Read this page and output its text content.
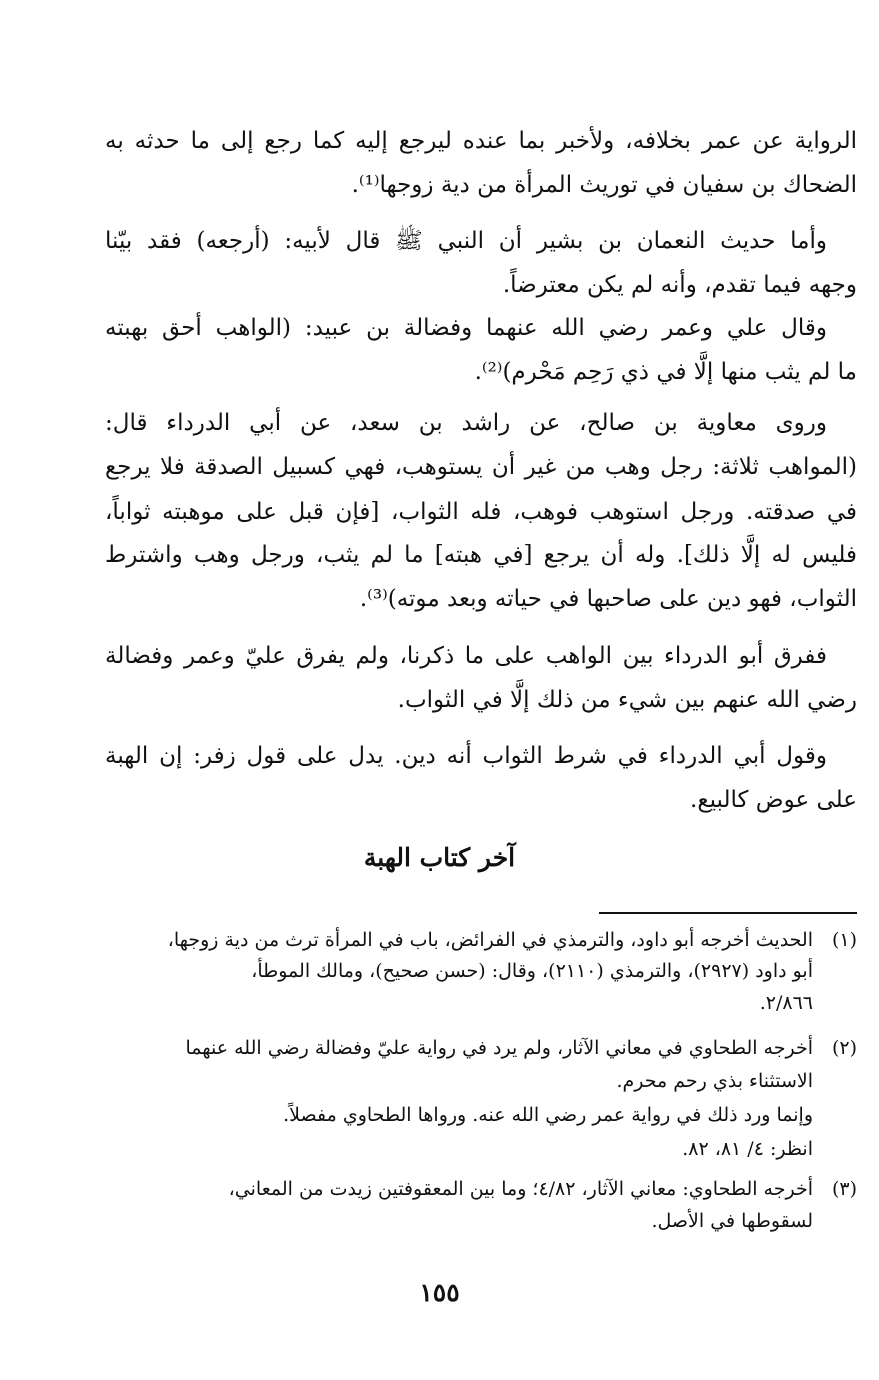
الرواية عن عمر بخلافه، ولأخبر بما عنده ليرجع إليه كما رجع إلى ما حدثه به
الضحاك بن سفيان في توريث المرأة من دية زوجها⁽¹⁾.
وأما حديث النعمان بن بشير أن النبي ﷺ قال لأبيه: (أرجعه) فقد بيّنا
وجهه فيما تقدم، وأنه لم يكن معترضاً.
وقال علي وعمر رضي الله عنهما وفضالة بن عبيد: (الواهب أحق بهبته
ما لم يثب منها إلَّا في ذي رَحِم مَحْرم)⁽²⁾.
وروى معاوية بن صالح، عن راشد بن سعد، عن أبي الدرداء قال:
(المواهب ثلاثة: رجل وهب من غير أن يستوهب، فهي كسبيل الصدقة فلا يرجع
في صدقته. ورجل استوهب فوهب، فله الثواب، [فإن قبل على موهبته ثواباً،
فليس له إلَّا ذلك]. وله أن يرجع [في هبته] ما لم يثب، ورجل وهب واشترط
الثواب، فهو دين على صاحبها في حياته وبعد موته)⁽³⁾.
ففرق أبو الدرداء بين الواهب على ما ذكرنا، ولم يفرق عليّ وعمر وفضالة
رضي الله عنهم بين شيء من ذلك إلَّا في الثواب.
وقول أبي الدرداء في شرط الثواب أنه دين. يدل على قول زفر: إن الهبة
على عوض كالبيع.
آخر كتاب الهبة
(١)الحديث أخرجه أبو داود، والترمذي في الفرائض، باب في المرأة ترث من دية زوجها،
أبو داود (٢٩٢٧)، والترمذي (٢١١٠)، وقال: (حسن صحيح)، ومالك الموطأ،
٢/٨٦٦.
(٢)أخرجه الطحاوي في معاني الآثار، ولم يرد في رواية عليّ وفضالة رضي الله عنهما
الاستثناء بذي رحم محرم.
وإنما ورد ذلك في رواية عمر رضي الله عنه. ورواها الطحاوي مفصلاً.
انظر: ٤/ ٨١، ٨٢.
(٣)أخرجه الطحاوي: معاني الآثار، ٤/٨٢؛ وما بين المعقوفتين زيدت من المعاني،
لسقوطها في الأصل.
١٥٥
